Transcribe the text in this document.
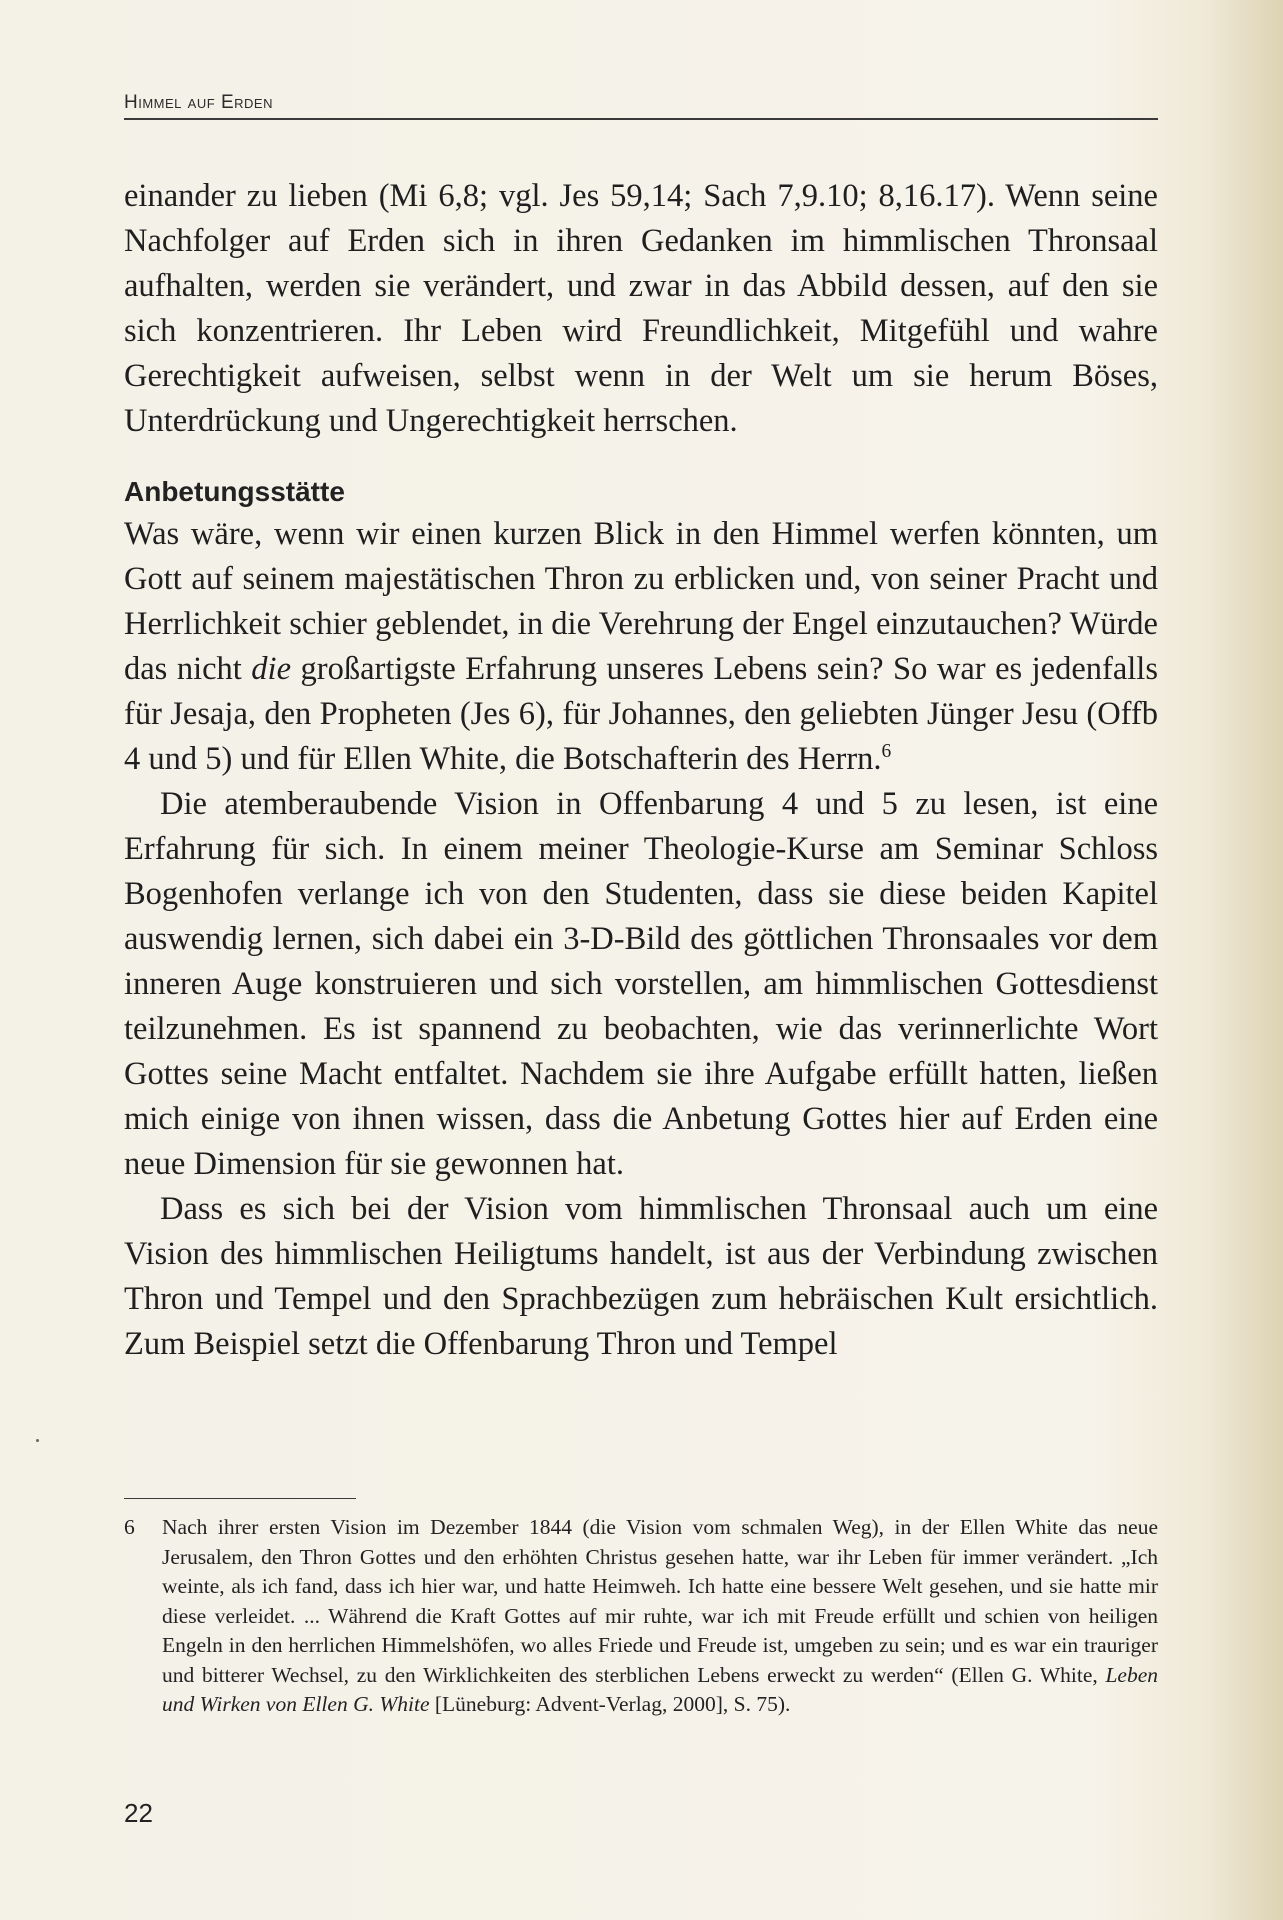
Himmel auf Erden

einander zu lieben (Mi 6,8; vgl. Jes 59,14; Sach 7,9.10; 8,16.17). Wenn seine Nachfolger auf Erden sich in ihren Gedanken im himmlischen Thronsaal aufhalten, werden sie verändert, und zwar in das Abbild dessen, auf den sie sich konzentrieren. Ihr Leben wird Freundlichkeit, Mitgefühl und wahre Gerechtigkeit aufweisen, selbst wenn in der Welt um sie herum Böses, Unterdrückung und Ungerechtigkeit herrschen.

Anbetungsstätte

Was wäre, wenn wir einen kurzen Blick in den Himmel werfen könnten, um Gott auf seinem majestätischen Thron zu erblicken und, von seiner Pracht und Herrlichkeit schier geblendet, in die Verehrung der Engel einzutauchen? Würde das nicht die großartigste Erfahrung unseres Lebens sein? So war es jedenfalls für Jesaja, den Propheten (Jes 6), für Johannes, den geliebten Jünger Jesu (Offb 4 und 5) und für Ellen White, die Botschafterin des Herrn.$^6$

Die atemberaubende Vision in Offenbarung 4 und 5 zu lesen, ist eine Erfahrung für sich. In einem meiner Theologie-Kurse am Seminar Schloss Bogenhofen verlange ich von den Studenten, dass sie diese beiden Kapitel auswendig lernen, sich dabei ein 3-D-Bild des göttlichen Thronsaales vor dem inneren Auge konstruieren und sich vorstellen, am himmlischen Gottesdienst teilzunehmen. Es ist spannend zu beobachten, wie das verinnerlichte Wort Gottes seine Macht entfaltet. Nachdem sie ihre Aufgabe erfüllt hatten, ließen mich einige von ihnen wissen, dass die Anbetung Gottes hier auf Erden eine neue Dimension für sie gewonnen hat.

Dass es sich bei der Vision vom himmlischen Thronsaal auch um eine Vision des himmlischen Heiligtums handelt, ist aus der Verbindung zwischen Thron und Tempel und den Sprachbezügen zum hebräischen Kult ersichtlich. Zum Beispiel setzt die Offenbarung Thron und Tempel

6	Nach ihrer ersten Vision im Dezember 1844 (die Vision vom schmalen Weg), in der Ellen White das neue Jerusalem, den Thron Gottes und den erhöhten Christus gesehen hatte, war ihr Leben für immer verändert. „Ich weinte, als ich fand, dass ich hier war, und hatte Heimweh. Ich hatte eine bessere Welt gesehen, und sie hatte mir diese verleidet. ... Während die Kraft Gottes auf mir ruhte, war ich mit Freude erfüllt und schien von heiligen Engeln in den herrlichen Himmelshöfen, wo alles Friede und Freude ist, umgeben zu sein; und es war ein trauriger und bitterer Wechsel, zu den Wirklichkeiten des sterblichen Lebens erweckt zu werden“ (Ellen G. White, Leben und Wirken von Ellen G. White [Lüneburg: Advent-Verlag, 2000], S. 75).
22
